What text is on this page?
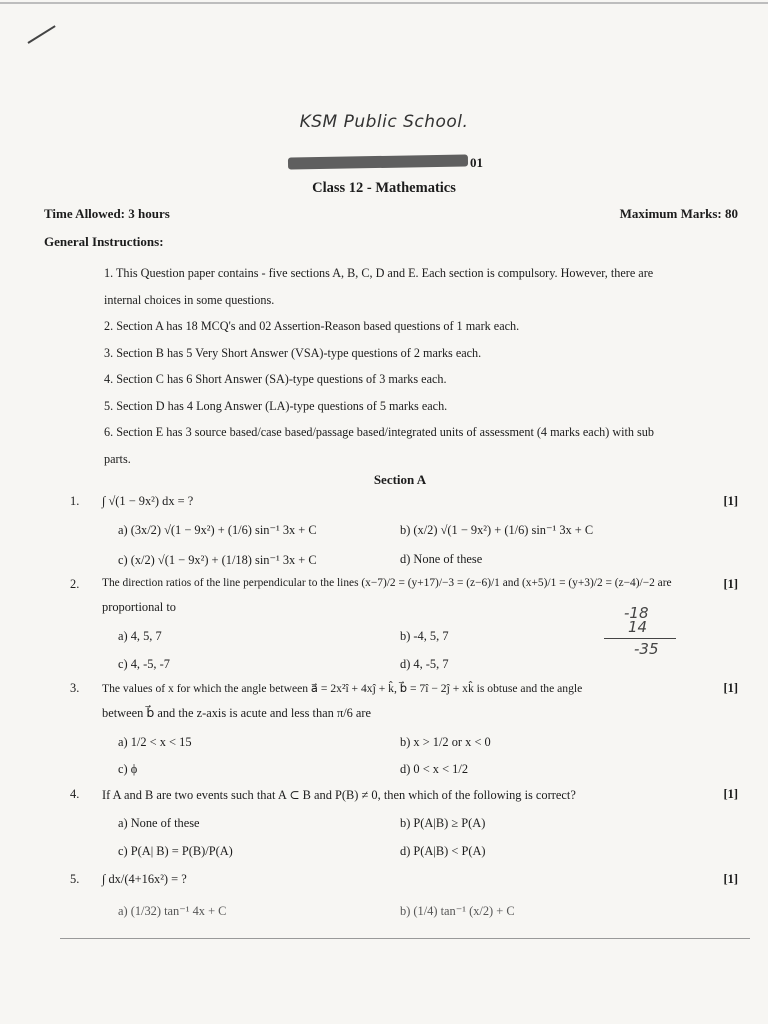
KSM Public School.
01
Class 12 - Mathematics
Time Allowed: 3 hours	Maximum Marks: 80
General Instructions:
1. This Question paper contains - five sections A, B, C, D and E. Each section is compulsory. However, there are
internal choices in some questions.
2. Section A has 18 MCQ's and 02 Assertion-Reason based questions of 1 mark each.
3. Section B has 5 Very Short Answer (VSA)-type questions of 2 marks each.
4. Section C has 6 Short Answer (SA)-type questions of 3 marks each.
5. Section D has 4 Long Answer (LA)-type questions of 5 marks each.
6. Section E has 3 source based/case based/passage based/integrated units of assessment (4 marks each) with sub
parts.
Section A
1. ∫ √(1 − 9x²) dx = ?	[1]
a) (3x/2) √(1 − 9x²) + (1/6) sin⁻¹ 3x + C	b) (x/2) √(1 − 9x²) + (1/6) sin⁻¹ 3x + C
c) (x/2) √(1 − 9x²) + (1/18) sin⁻¹ 3x + C	d) None of these
2. The direction ratios of the line perpendicular to the lines (x−7)/2 = (y+17)/−3 = (z−6)/1 and (x+5)/1 = (y+3)/2 = (z−4)/−2 are	[1]
proportional to
a) 4, 5, 7	b) -4, 5, 7
c) 4, -5, -7	d) 4, -5, 7
-18
14
-35
3. The values of x for which the angle between a⃗ = 2x²î + 4xĵ + k̂, b⃗ = 7î − 2ĵ + xk̂ is obtuse and the angle	[1]
between b⃗ and the z-axis is acute and less than π/6 are
a) 1/2 < x < 15	b) x > 1/2 or x < 0
c) ϕ	d) 0 < x < 1/2
4. If A and B are two events such that A ⊂ B and P(B) ≠ 0, then which of the following is correct?	[1]
a) None of these	b) P(A|B) ≥ P(A)
c) P(A| B) = P(B)/P(A)	d) P(A|B) < P(A)
5. ∫ dx/(4+16x²) = ?	[1]
a) (1/32) tan⁻¹ 4x + C	b) (1/4) tan⁻¹ (x/2) + C
